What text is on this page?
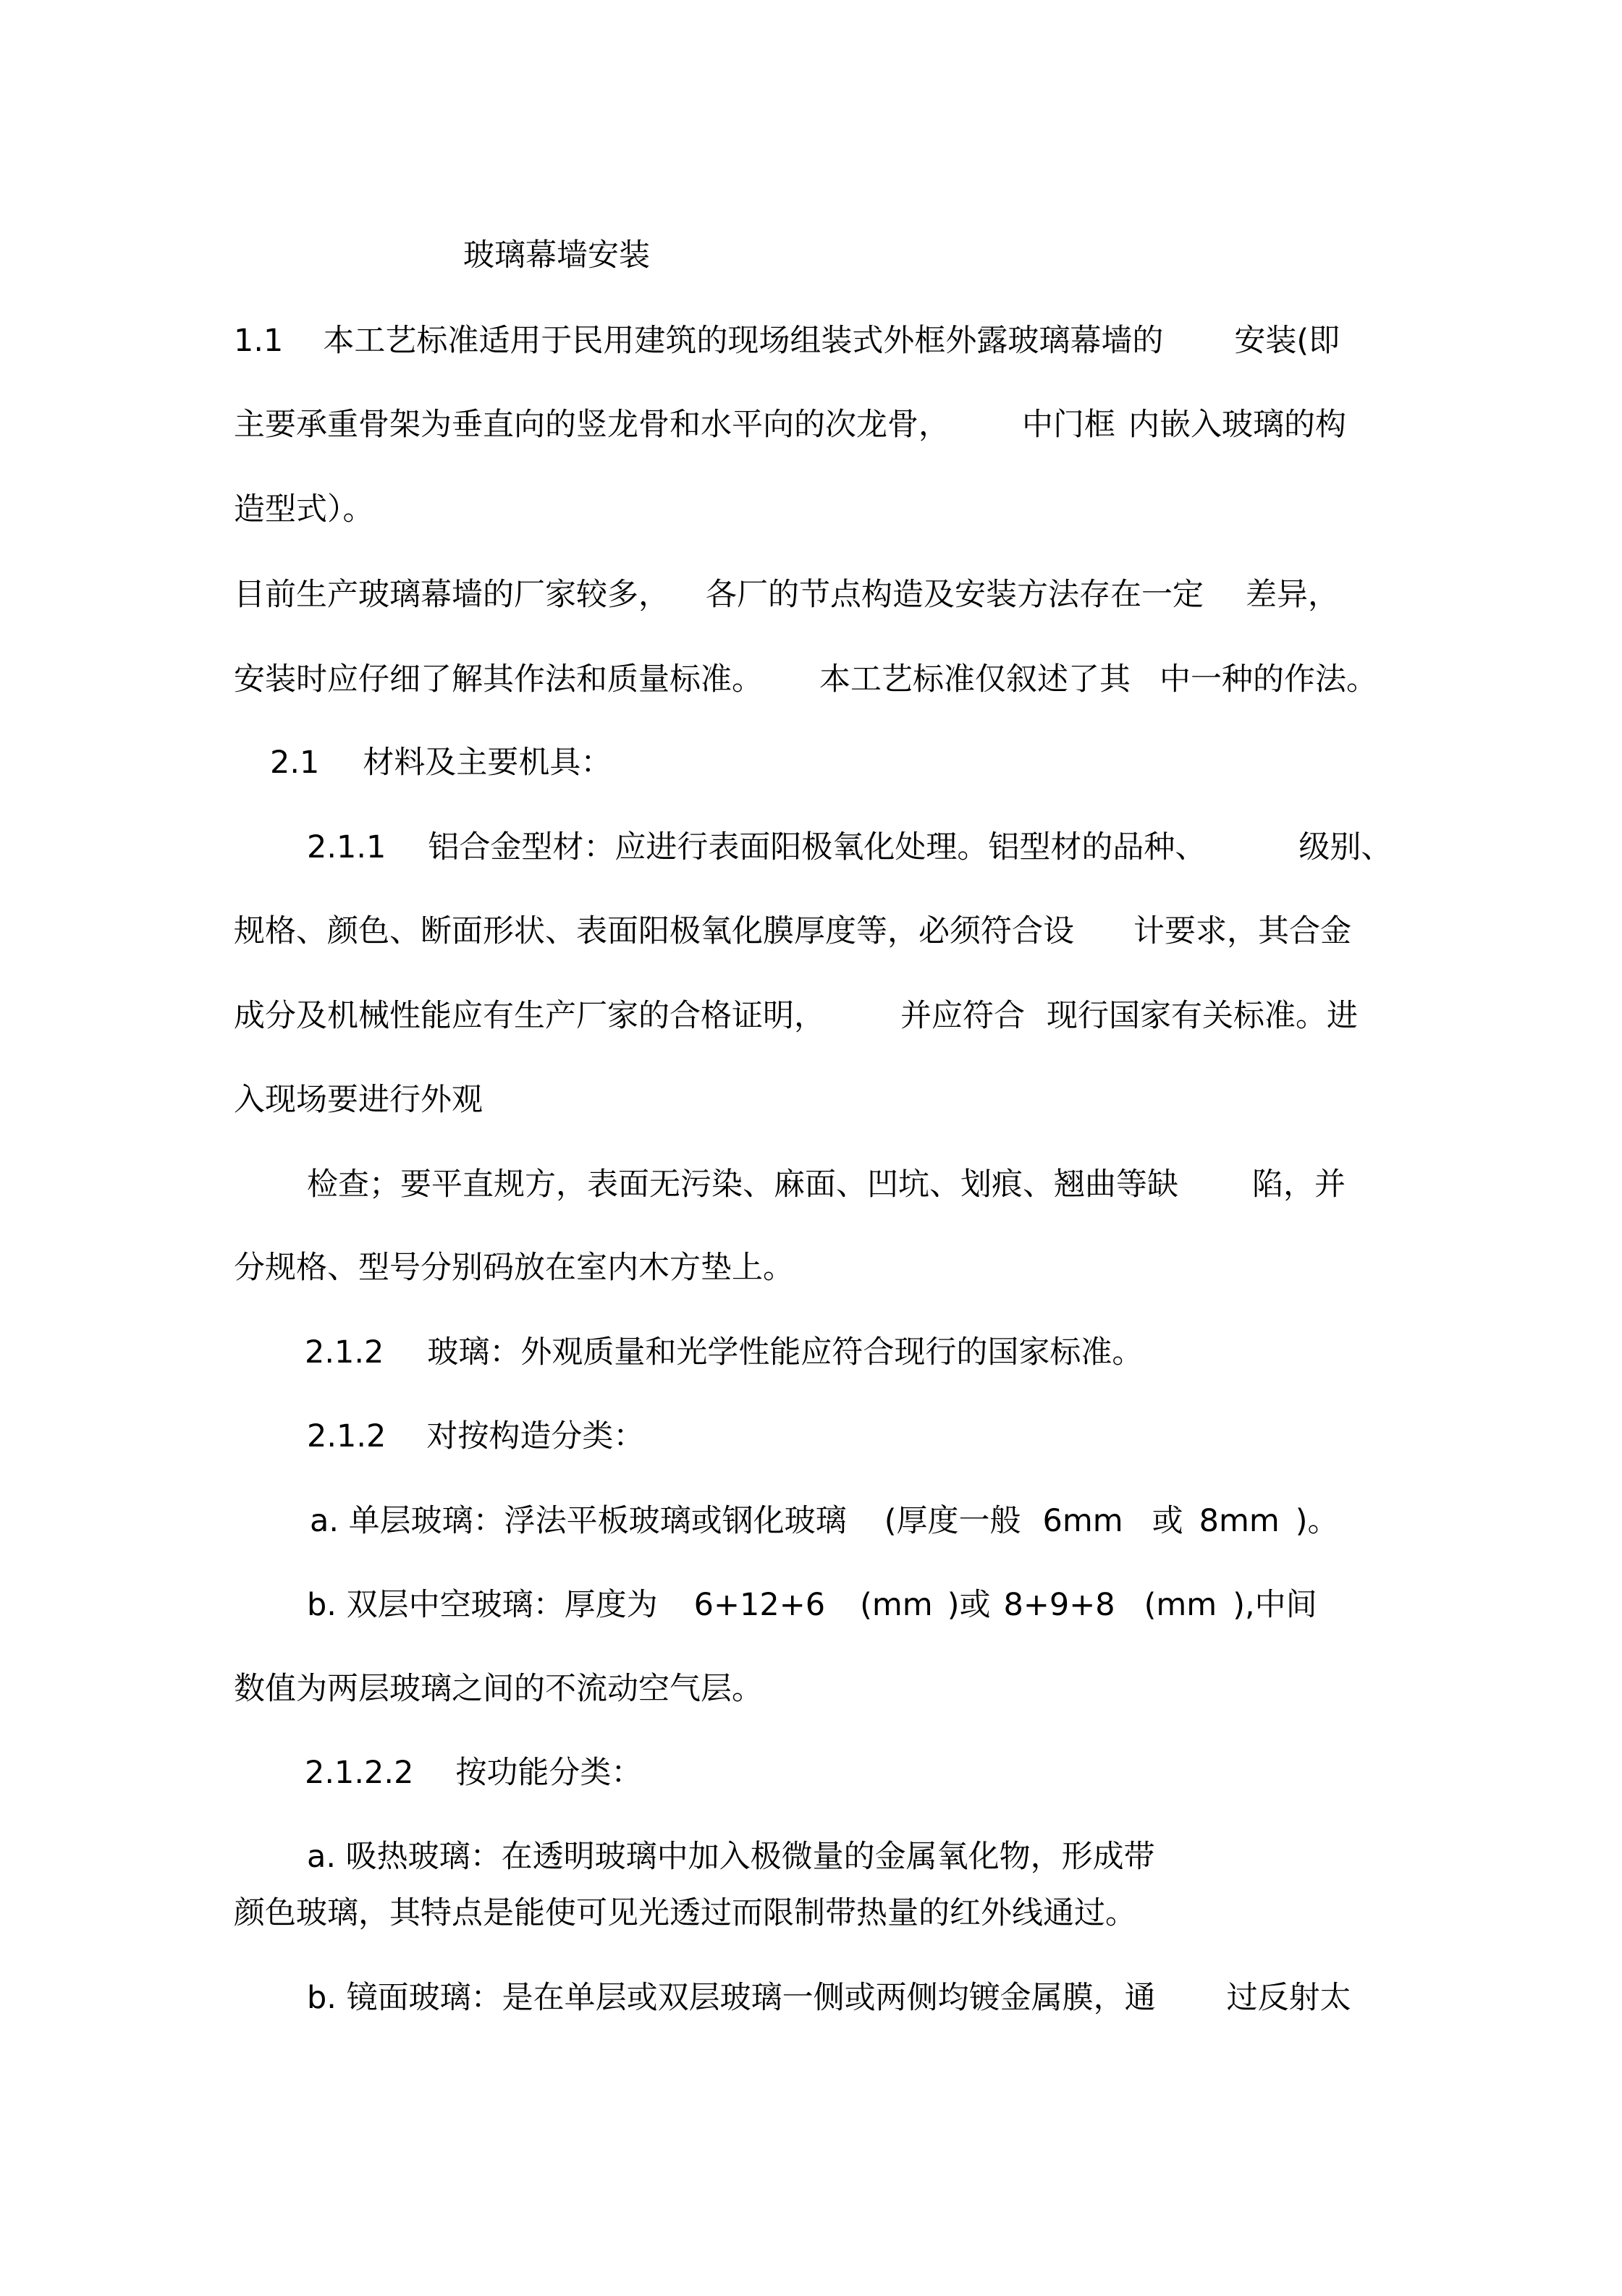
玻璃幕墙安装
1.1 本工艺标准适用于民用建筑的现场组装式外框外露玻璃幕墙的 安装(即
主要承重骨架为垂直向的竖龙骨和水平向的次龙骨， 中门框 内嵌入玻璃的构
造型式）。
目前生产玻璃幕墙的厂家较多， 各厂的节点构造及安装方法存在一定 差异，
安装时应仔细了解其作法和质量标准。 本工艺标准仅叙述了其 中一种的作法。
2.1 材料及主要机具：
2.1.1 铝合金型材：应进行表面阳极氧化处理。铝型材的品种、	级别、
规格、颜色、断面形状、表面阳极氧化膜厚度等，必须符合设 计要求，其合金
成分及机械性能应有生产厂家的合格证明， 并应符合 现行国家有关标准。进
入现场要进行外观
检查；要平直规方，表面无污染、麻面、凹坑、划痕、翘曲等缺 陷，并
分规格、型号分别码放在室内木方垫上。
2.1.2 玻璃：外观质量和光学性能应符合现行的国家标准。
2.1.2 对按构造分类：
a. 单层玻璃：浮法平板玻璃或钢化玻璃 (厚度一般 6mm 或 8mm )。
b. 双层中空玻璃：厚度为 6+12+6 (mm )或 8+9+8 (mm ),中间
数值为两层玻璃之间的不流动空气层。
2.1.2.2 按功能分类：
a. 吸热玻璃：在透明玻璃中加入极微量的金属氧化物，形成带
颜色玻璃，其特点是能使可见光透过而限制带热量的红外线通过。
b. 镜面玻璃：是在单层或双层玻璃一侧或两侧均镀金属膜，通 过反射太
